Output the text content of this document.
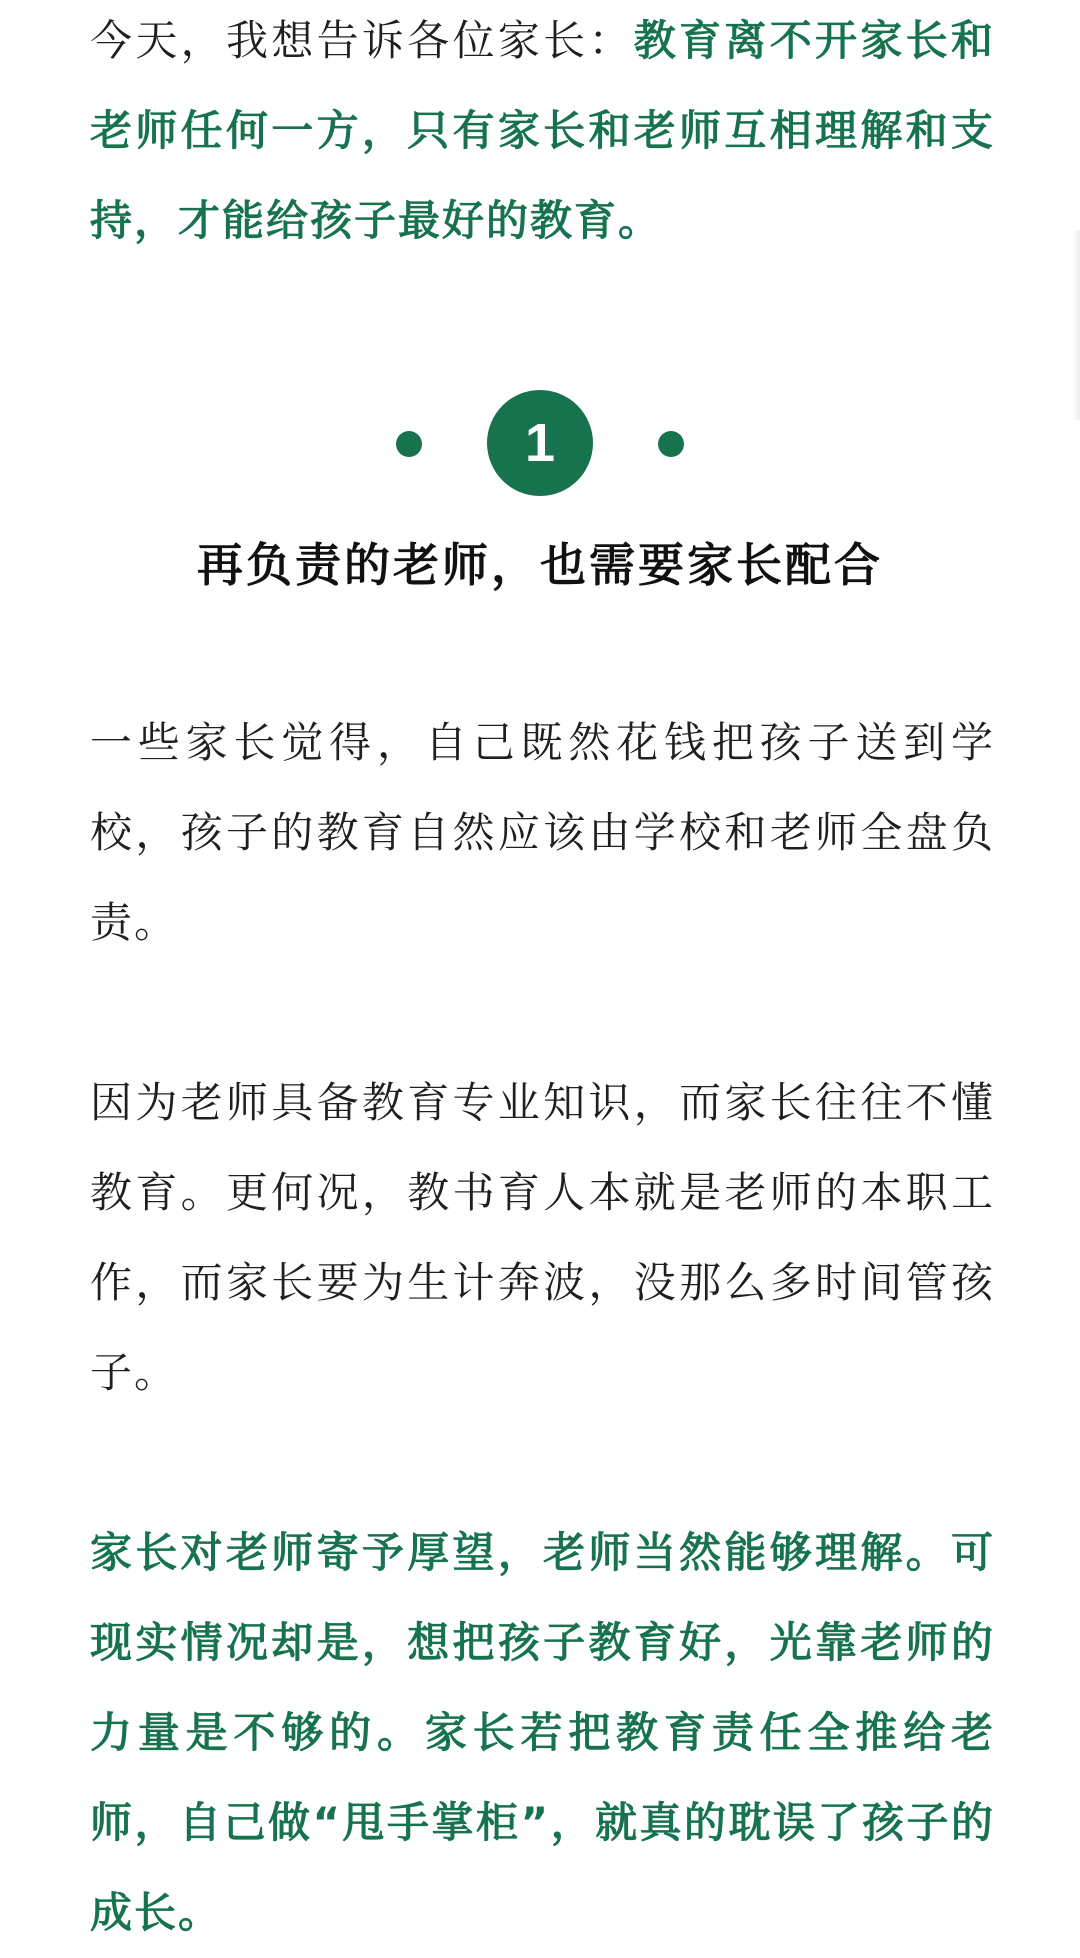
今天，我想告诉各位家长：教育离不开家长和老师任何一方，只有家长和老师互相理解和支持，才能给孩子最好的教育。

1
再负责的老师，也需要家长配合

一些家长觉得，自己既然花钱把孩子送到学校，孩子的教育自然应该由学校和老师全盘负责。

因为老师具备教育专业知识，而家长往往不懂教育。更何况，教书育人本就是老师的本职工作，而家长要为生计奔波，没那么多时间管孩子。

家长对老师寄予厚望，老师当然能够理解。可现实情况却是，想把孩子教育好，光靠老师的力量是不够的。家长若把教育责任全推给老师，自己做“甩手掌柜”，就真的耽误了孩子的成长。
